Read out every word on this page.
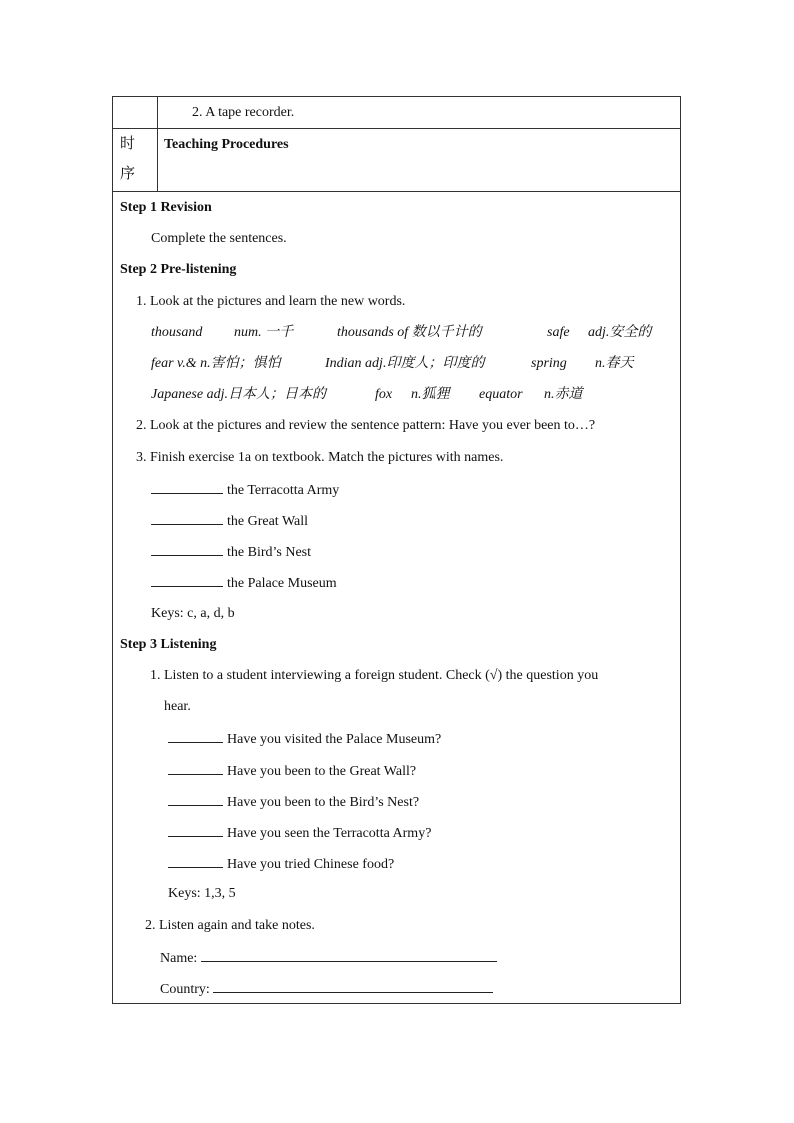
2. A tape recorder.
时
序
Teaching Procedures
Step 1 Revision
Complete the sentences.
Step 2 Pre-listening
1. Look at the pictures and learn the new words.
thousand num. 一千	thousands of 数以千计的	safe adj.安全的
fear v.& n.害怕；惧怕	Indian adj.印度人；印度的	spring n.春天
Japanese adj.日本人；日本的	fox n.狐狸 equator n.赤道
2. Look at the pictures and review the sentence pattern: Have you ever been to…?
3. Finish exercise 1a on textbook. Match the pictures with names.
the Terracotta Army
the Great Wall
the Bird’s Nest
the Palace Museum
Keys: c, a, d, b
Step 3 Listening
1. Listen to a student interviewing a foreign student. Check (√) the question you
hear.
Have you visited the Palace Museum?
Have you been to the Great Wall?
Have you been to the Bird’s Nest?
Have you seen the Terracotta Army?
Have you tried Chinese food?
Keys: 1,3, 5
2. Listen again and take notes.
Name:
Country:
